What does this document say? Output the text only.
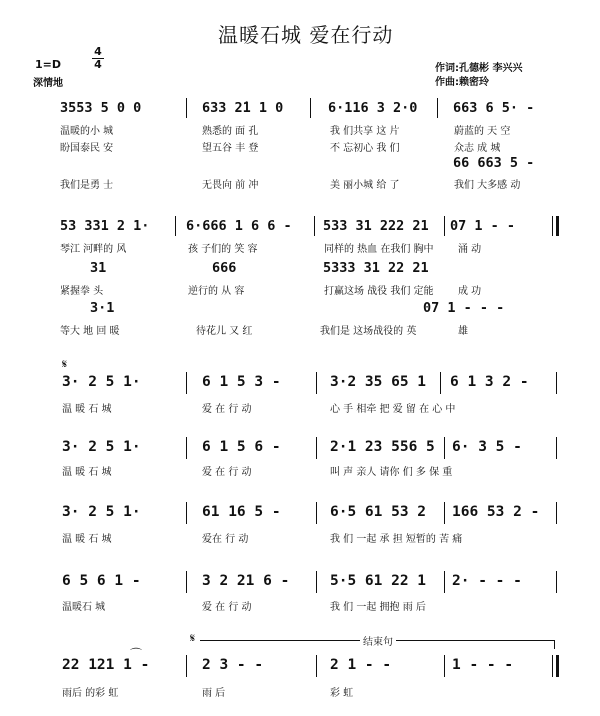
温暖石城 爱在行动
1=D
4
4
深情地
作词:孔德彬 李兴兴
作曲:赖密玲
3553 5 0 0	633 2̇1 1 0	6·116 3 2·0	663 6 5· -
温暖的小 城	熟悉的 面 孔	我 们共享 这 片	蔚蓝的 天 空
盼国泰民 安	望五谷 丰 登	不 忘初心 我 们	众志 成 城
66 663 5 -
我们是勇 士	无畏向 前 冲	美 丽小城 给 了	我们 大多感 动
53 331 2 1·	6·666 1 6 6 - 533 31 222 21 07 1 - -
琴江 河畔的 风	孩 子们的 笑 容	同样的 热血 在我们 胸中 涌 动
31	666	5333 31 22 21
紧握拳 头	逆行的 从 容	打赢这场 战役 我们 定能 成 功
3·1	07 1 - - -
等大 地 回 暖	待花儿 又 红	我们是 这场战役的 英	雄
𝄋
3· 2 5 1·	6 1 5 3 -	3·2 35 65 1 6 1 3 2 -
温 暖 石 城	爱 在 行 动	心 手 相牵 把 爱 留 在 心 中
3· 2 5 1·	6 1 5 6 -	2·1 23 556 5 6· 3 5 -
温 暖 石 城	爱 在 行 动	叫 声 亲人 请你 们 多 保 重
3· 2 5 1·	61 16 5 -	6·5 61 53 2 166 53 2 -
温 暖 石 城	爱在 行 动	我 们 一起 承 担 短暂的 苦 痛
6 5 6 1 -	3 2 21 6 -	5·5 61 22 1 2· - - -
温暖石 城	爱 在 行 动	我 们 一起 拥抱 雨 后
𝄋	结束句
⌒
22 121 1 -	2 3 - -	2 1 - -	1 - - -
雨后 的彩 虹	雨 后	彩 虹
